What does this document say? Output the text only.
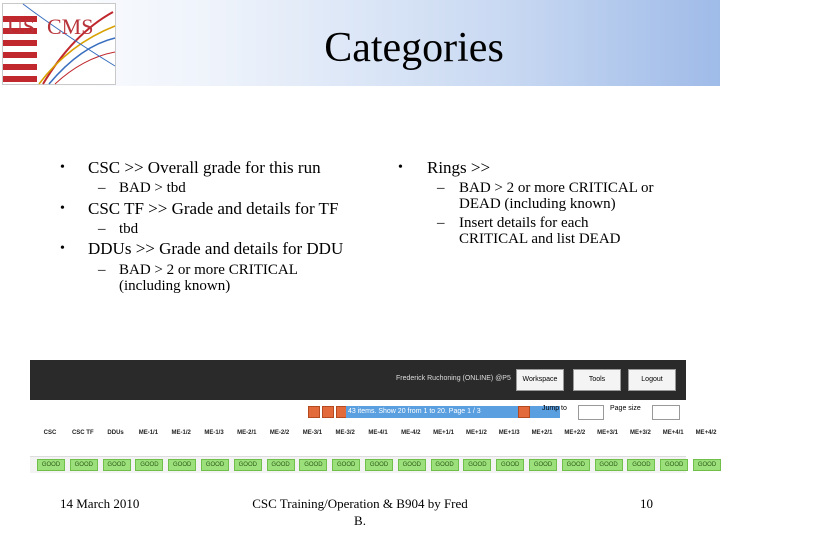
US CMS	Categories
• CSC >> Overall grade for this run
– BAD > tbd
• CSC TF >> Grade and details for TF
– tbd
• DDUs >> Grade and details for DDU
– BAD > 2 or more CRITICAL (including known)
• Rings >>
– BAD > 2 or more CRITICAL or DEAD (including known)
– Insert details for each CRITICAL and list DEAD
Frederick Ruchoning (ONLINE) @P5	Workspace	Tools	Logout
43 items. Show 20 from 1 to 20. Page 1 / 3	Jump to	Page size
CSC	CSC TF	DDUs	ME-1/1	ME-1/2	ME-1/3	ME-2/1	ME-2/2	ME-3/1	ME-3/2	ME-4/1	ME-4/2	ME+1/1	ME+1/2	ME+1/3	ME+2/1	ME+2/2	ME+3/1	ME+3/2	ME+4/1	ME+4/2
GOOD	GOOD	GOOD	GOOD	GOOD	GOOD	GOOD	GOOD	GOOD	GOOD	GOOD	GOOD	GOOD	GOOD	GOOD	GOOD	GOOD	GOOD	GOOD	GOOD	GOOD
14 March 2010	CSC Training/Operation & B904 by Fred B.
10
